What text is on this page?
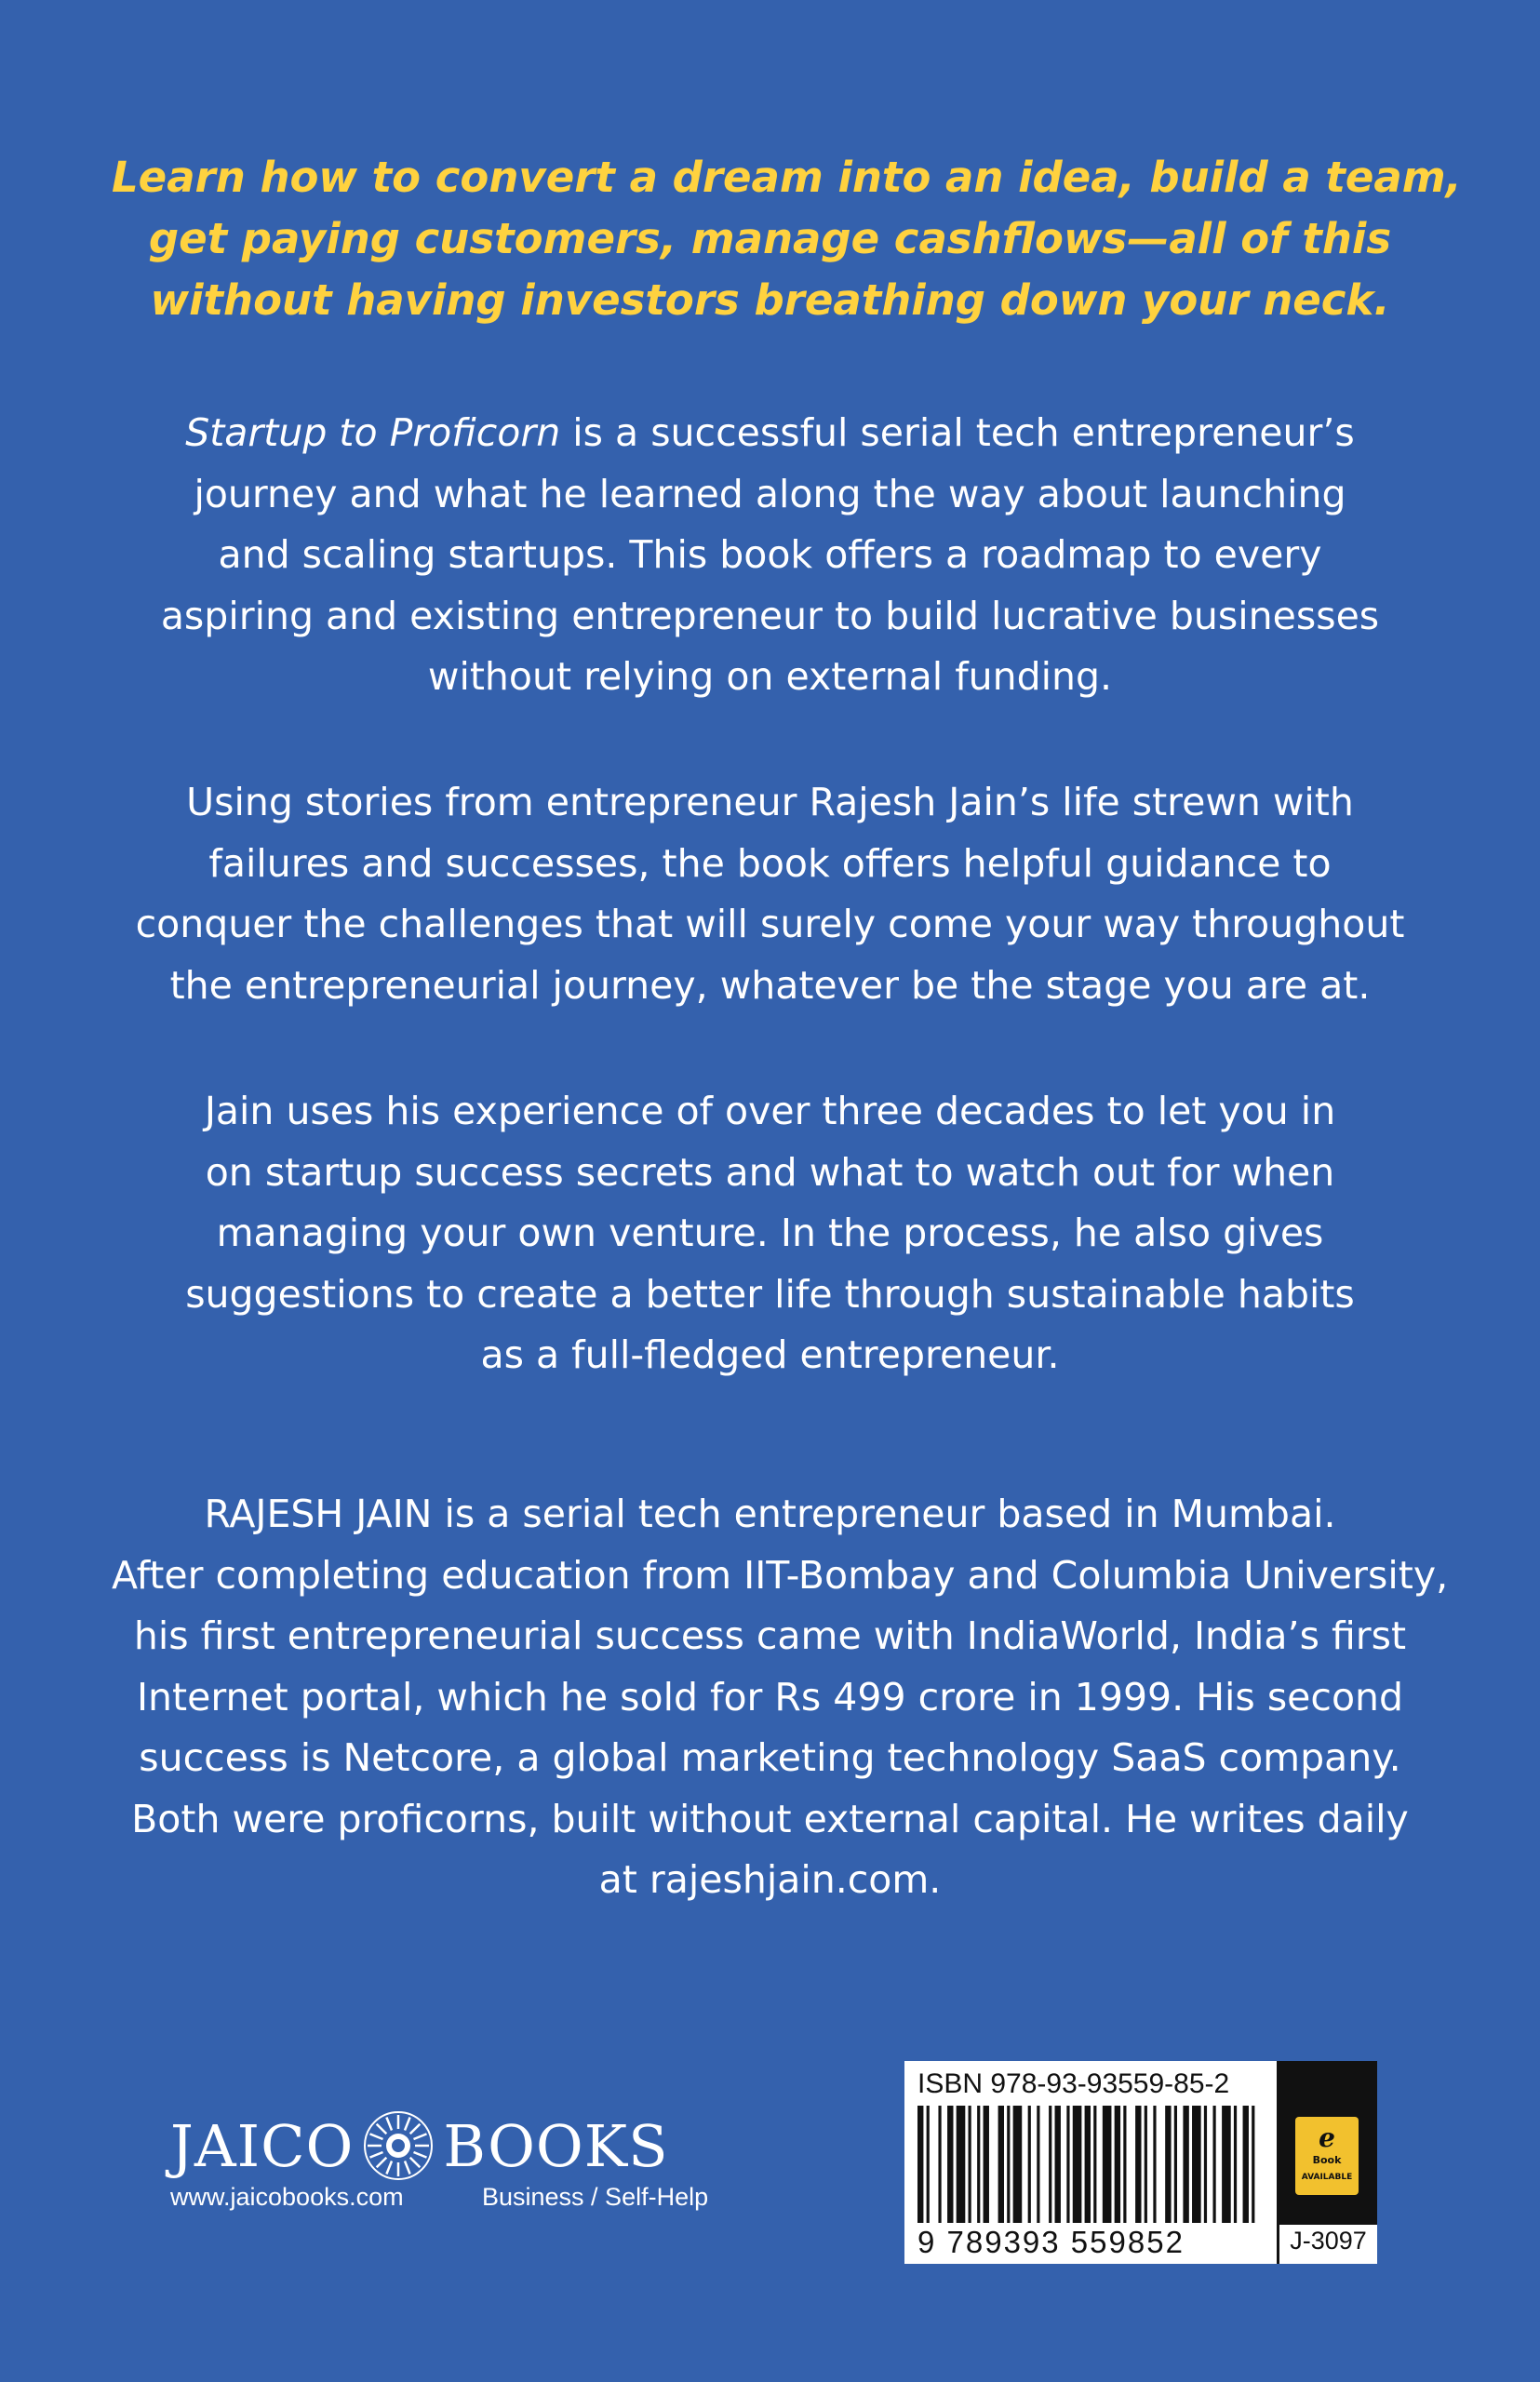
Learn how to convert a dream into an idea, build a team,
get paying customers, manage cashflows—all of this
without having investors breathing down your neck.

Startup to Proficorn is a successful serial tech entrepreneur’s
journey and what he learned along the way about launching
and scaling startups. This book offers a roadmap to every
aspiring and existing entrepreneur to build lucrative businesses
without relying on external funding.

Using stories from entrepreneur Rajesh Jain’s life strewn with
failures and successes, the book offers helpful guidance to
conquer the challenges that will surely come your way throughout
the entrepreneurial journey, whatever be the stage you are at.

Jain uses his experience of over three decades to let you in
on startup success secrets and what to watch out for when
managing your own venture. In the process, he also gives
suggestions to create a better life through sustainable habits
as a full-fledged entrepreneur.

RAJESH JAIN is a serial tech entrepreneur based in Mumbai.
After completing education from IIT-Bombay and Columbia University,
his first entrepreneurial success came with IndiaWorld, India’s first
Internet portal, which he sold for Rs 499 crore in 1999. His second
success is Netcore, a global marketing technology SaaS company.
Both were proficorns, built without external capital. He writes daily
at rajeshjain.com.

JAICO BOOKS
www.jaicobooks.com	Business / Self-Help
ISBN 978-93-93559-85-2
9 789393 559852
e
Book
AVAILABLE
J-3097
